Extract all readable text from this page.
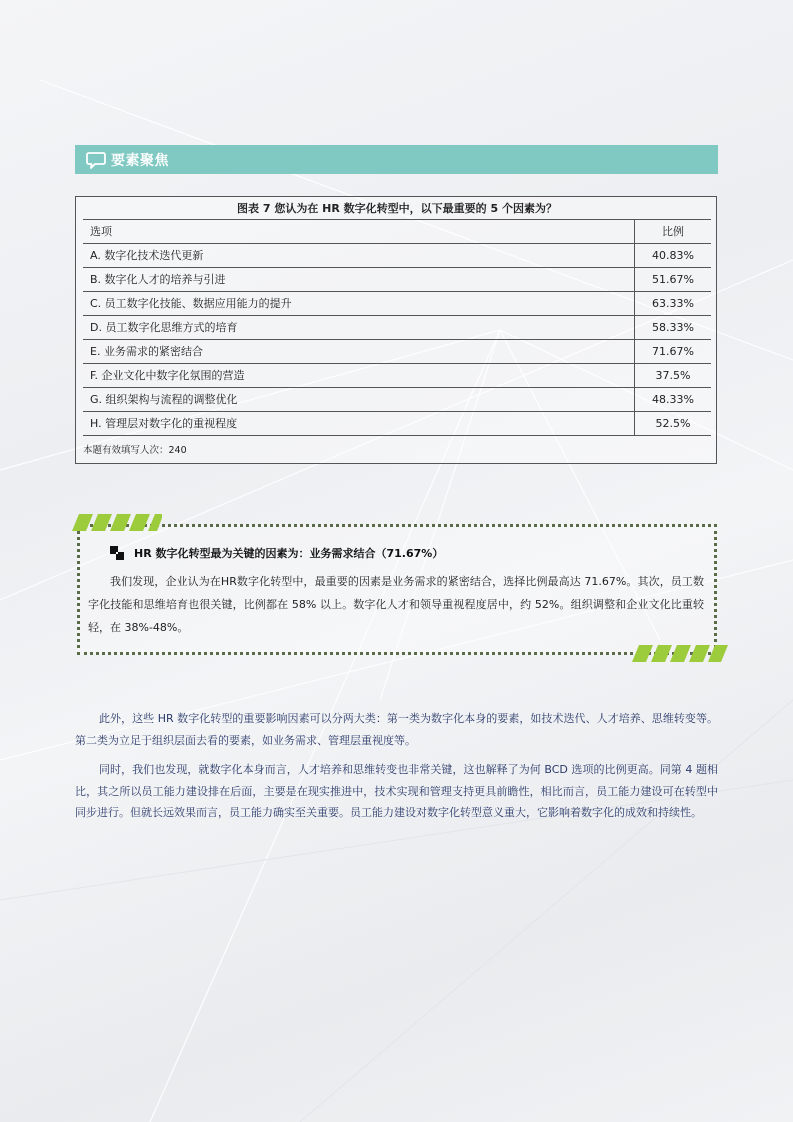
要素聚焦
图表 7 您认为在 HR 数字化转型中，以下最重要的 5 个因素为？
选项	比例
A. 数字化技术迭代更新	40.83%
B. 数字化人才的培养与引进	51.67%
C. 员工数字化技能、数据应用能力的提升	63.33%
D. 员工数字化思维方式的培育	58.33%
E. 业务需求的紧密结合	71.67%
F. 企业文化中数字化氛围的营造	37.5%
G. 组织架构与流程的调整优化	48.33%
H. 管理层对数字化的重视程度	52.5%
本题有效填写人次：240
HR 数字化转型最为关键的因素为：业务需求结合（71.67%）
我们发现，企业认为在HR数字化转型中，最重要的因素是业务需求的紧密结合，选择比例最高达 71.67%。其次，员工数字化技能和思维培育也很关键，比例都在 58% 以上。数字化人才和领导重视程度居中，约 52%。组织调整和企业文化比重较轻，在 38%-48%。
此外，这些 HR 数字化转型的重要影响因素可以分两大类：第一类为数字化本身的要素，如技术迭代、人才培养、思维转变等。第二类为立足于组织层面去看的要素，如业务需求、管理层重视度等。
同时，我们也发现，就数字化本身而言，人才培养和思维转变也非常关键，这也解释了为何 BCD 选项的比例更高。同第 4 题相比，其之所以员工能力建设排在后面，主要是在现实推进中，技术实现和管理支持更具前瞻性，相比而言，员工能力建设可在转型中同步进行。但就长远效果而言，员工能力确实至关重要。员工能力建设对数字化转型意义重大，它影响着数字化的成效和持续性。
